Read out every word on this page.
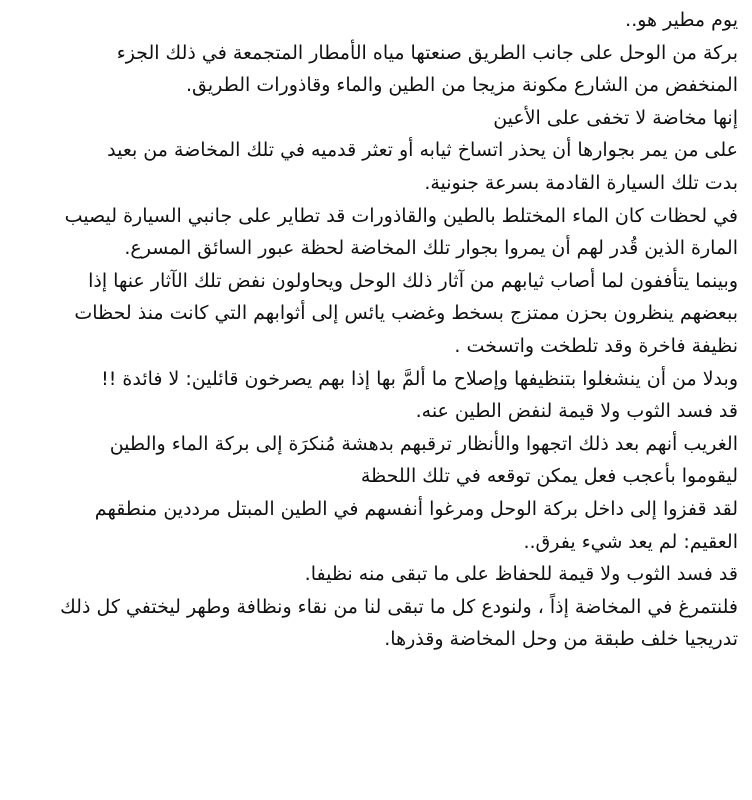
يوم مطير هو..
بركة من الوحل على جانب الطريق صنعتها مياه الأمطار المتجمعة في ذلك الجزء
المنخفض من الشارع مكونة مزيجا من الطين والماء وقاذورات الطريق.
إنها مخاضة لا تخفى على الأعين
على من يمر بجوارها أن يحذر اتساخ ثيابه أو تعثر قدميه في تلك المخاضة من بعيد
بدت تلك السيارة القادمة بسرعة جنونية.
في لحظات كان الماء المختلط بالطين والقاذورات قد تطاير على جانبي السيارة ليصيب
المارة الذين قُدر لهم أن يمروا بجوار تلك المخاضة لحظة عبور السائق المسرع.
وبينما يتأففون لما أصاب ثيابهم من آثار ذلك الوحل ويحاولون نفض تلك الآثار عنها إذا
ببعضهم ينظرون بحزن ممتزج بسخط وغضب يائس إلى أثوابهم التي كانت منذ لحظات
نظيفة فاخرة وقد تلطخت واتسخت .
وبدلا من أن ينشغلوا بتنظيفها وإصلاح ما ألمَّ بها إذا بهم يصرخون قائلين: لا فائدة !!
قد فسد الثوب ولا قيمة لنفض الطين عنه.
الغريب أنهم بعد ذلك اتجهوا والأنظار ترقبهم بدهشة مُنكرَة إلى بركة الماء والطين
ليقوموا بأعجب فعل يمكن توقعه في تلك اللحظة
لقد قفزوا إلى داخل بركة الوحل ومرغوا أنفسهم في الطين المبتل مرددين منطقهم
العقيم: لم يعد شيء يفرق..
قد فسد الثوب ولا قيمة للحفاظ على ما تبقى منه نظيفا.
فلنتمرغ في المخاضة إذاً ، ولنودع كل ما تبقى لنا من نقاء ونظافة وطهر ليختفي كل ذلك
تدريجيا خلف طبقة من وحل المخاضة وقذرها.
